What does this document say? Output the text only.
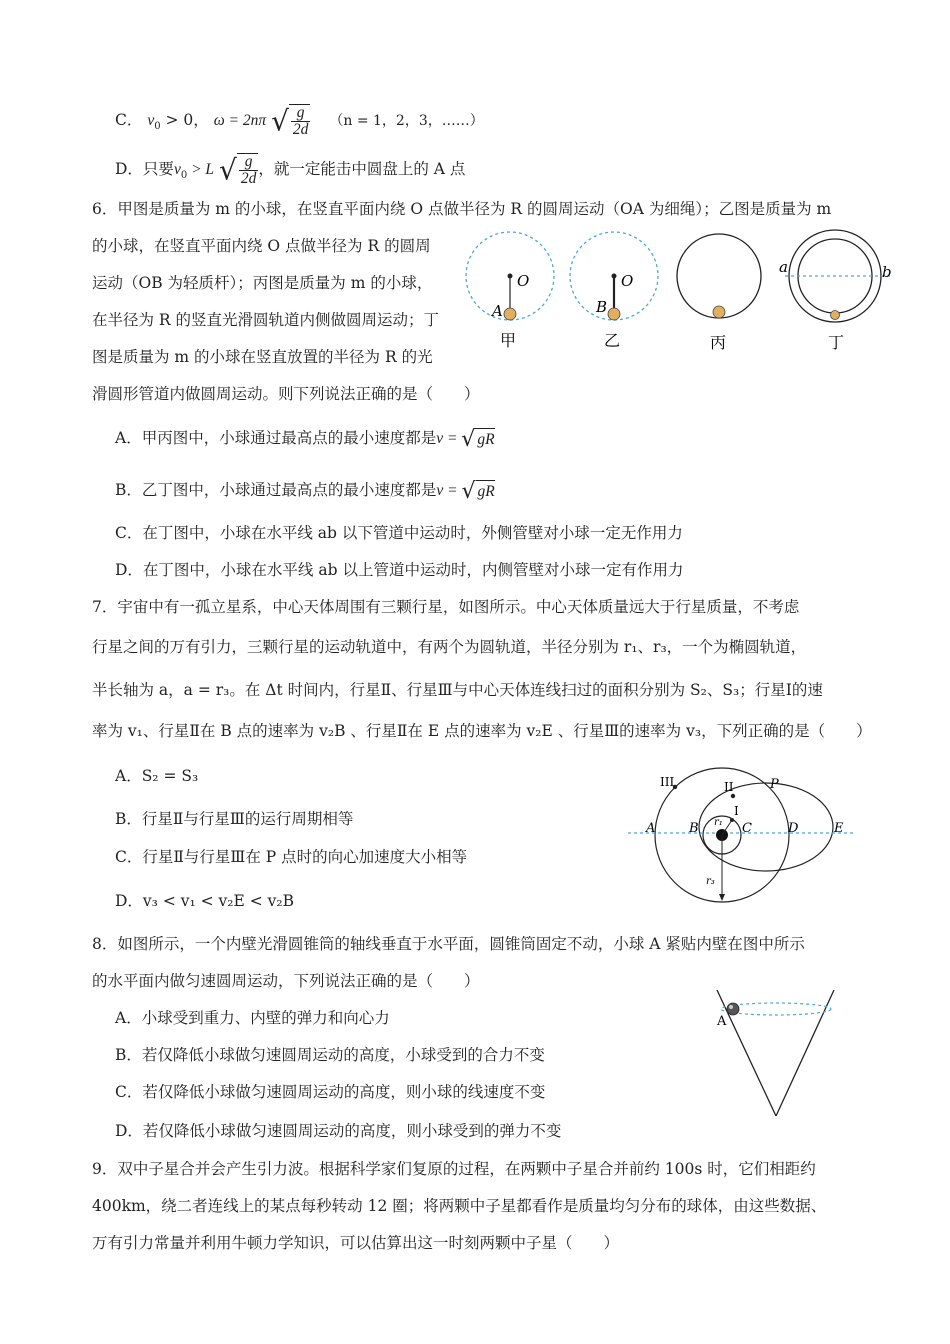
C． $v_0 > 0$， ω = 2nπ √ $\frac{g}{2d} (n = 1$，2，3，……）
D．只要$v_0 > L$ √ $\frac{g}{2d}$ ，就一定能击中圆盘上的 A 点
6．甲图是质量为 m 的小球，在竖直平面内绕 O 点做半径为 R 的圆周运动（OA 为细绳）；乙图是质量为 m
的小球，在竖直平面内绕 O 点做半径为 R 的圆周
运动（OB 为轻质杆）；丙图是质量为 m 的小球，
在半径为 R 的竖直光滑圆轨道内侧做圆周运动；丁
图是质量为 m 的小球在竖直放置的半径为 R 的光
滑圆形管道内做圆周运动。则下列说法正确的是（　　）
O
A
甲
O
B
乙	丙
a	b
丁
A．甲丙图中，小球通过最高点的最小速度都是v = √ gR
B．乙丁图中，小球通过最高点的最小速度都是v = √ gR
C．在丁图中，小球在水平线 ab 以下管道中运动时，外侧管壁对小球一定无作用力
D．在丁图中，小球在水平线 ab 以上管道中运动时，内侧管壁对小球一定有作用力
7．宇宙中有一孤立星系，中心天体周围有三颗行星，如图所示。中心天体质量远大于行星质量，不考虑
行星之间的万有引力，三颗行星的运动轨道中，有两个为圆轨道，半径分别为 r₁、r₃，一个为椭圆轨道，
半长轴为 a，a = r₃。在 Δt 时间内，行星Ⅱ、行星Ⅲ与中心天体连线扫过的面积分别为 S₂、S₃；行星Ⅰ的速
率为 v₁、行星Ⅱ在 B 点的速率为 v₂B 、行星Ⅱ在 E 点的速率为 v₂E 、行星Ⅲ的速率为 v₃，下列正确的是（　　）
A．S₂ = S₃
B．行星Ⅱ与行星Ⅲ的运行周期相等
C．行星Ⅱ与行星Ⅲ在 P 点时的向心加速度大小相等
D．v₃ < v₁ < v₂E < v₂B
III	II
I
P
A	B	C	D	E
r₁
r₃
8．如图所示，一个内壁光滑圆锥筒的轴线垂直于水平面，圆锥筒固定不动，小球 A 紧贴内壁在图中所示
的水平面内做匀速圆周运动，下列说法正确的是（　　）
A．小球受到重力、内壁的弹力和向心力
B．若仅降低小球做匀速圆周运动的高度，小球受到的合力不变
C．若仅降低小球做匀速圆周运动的高度，则小球的线速度不变
D．若仅降低小球做匀速圆周运动的高度，则小球受到的弹力不变
A
9．双中子星合并会产生引力波。根据科学家们复原的过程，在两颗中子星合并前约 100s 时，它们相距约
400km，绕二者连线上的某点每秒转动 12 圈；将两颗中子星都看作是质量均匀分布的球体，由这些数据、
万有引力常量并利用牛顿力学知识，可以估算出这一时刻两颗中子星（　　）
